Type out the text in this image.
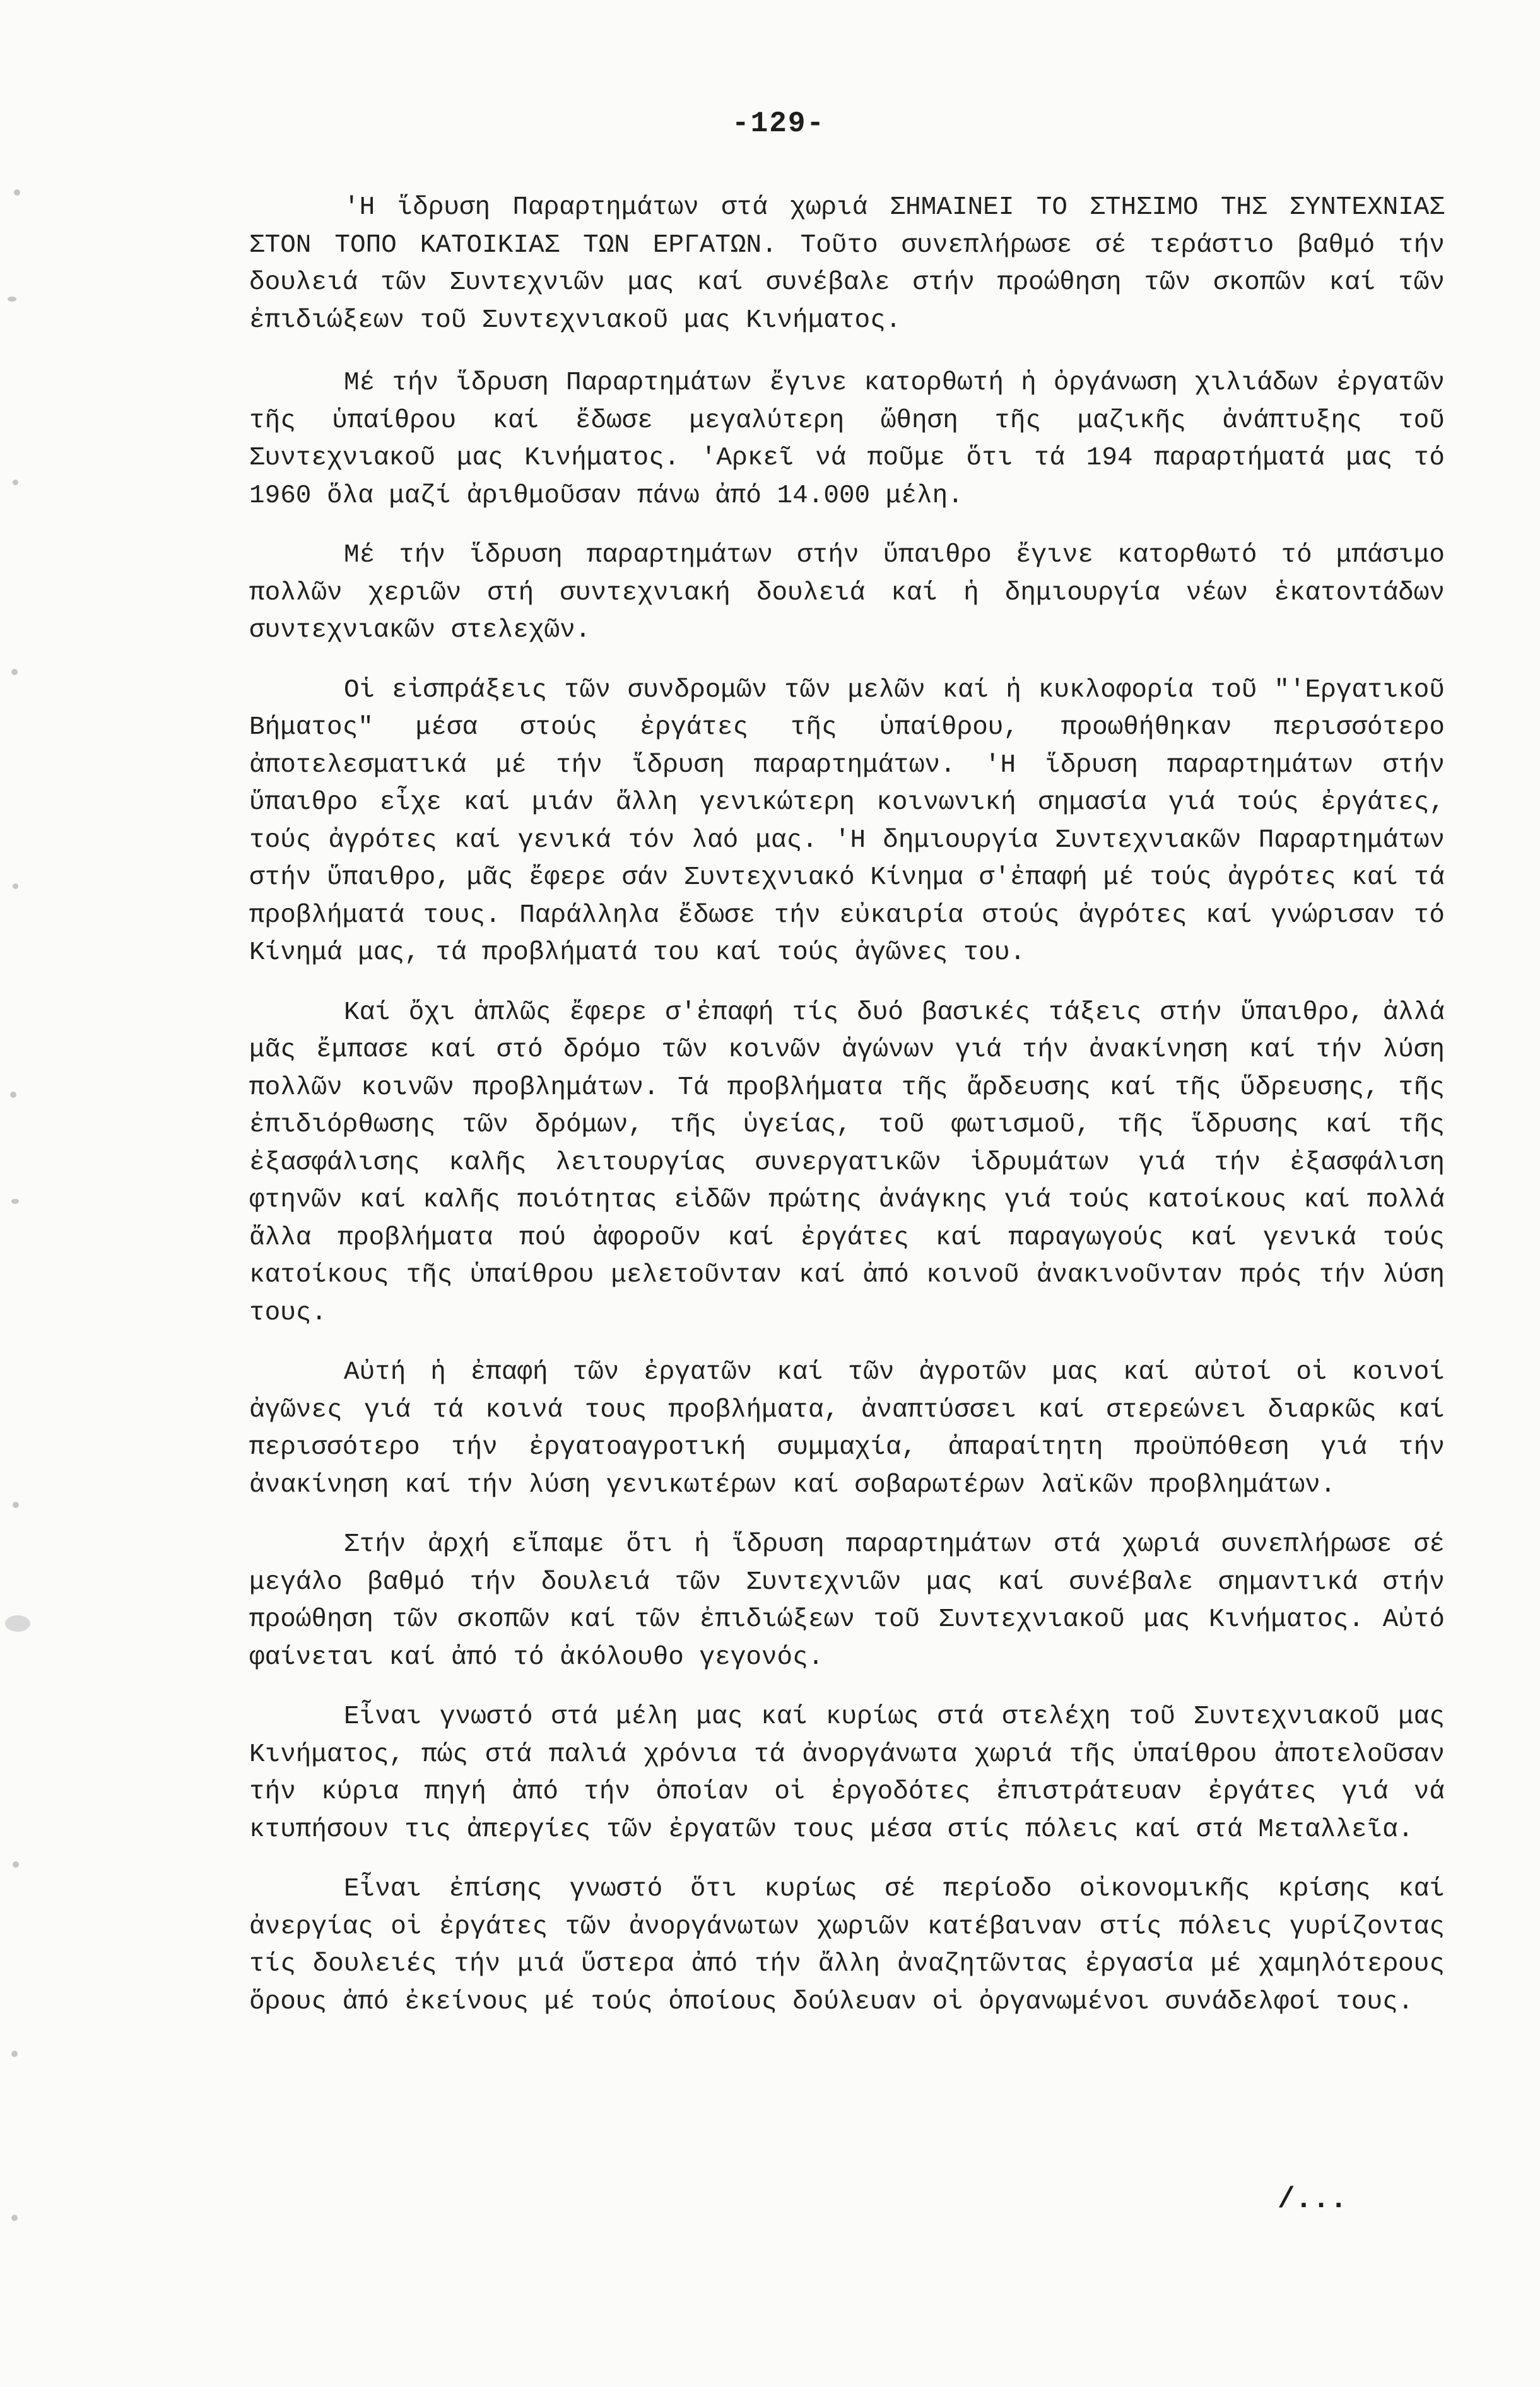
-129-

'Η ἵδρυση Παραρτημάτων στά χωριά ΣΗΜΑΙΝΕΙ ΤΟ ΣΤΗΣΙΜΟ ΤΗΣ ΣΥΝΤΕΧΝΙΑΣ ΣΤΟΝ ΤΟΠΟ ΚΑΤΟΙΚΙΑΣ ΤΩΝ ΕΡΓΑΤΩΝ. Τοῦτο συνεπλήρωσε σέ τεράστιο βαθμό τήν δουλειά τῶν Συντεχνιῶν μας καί συνέβαλε στήν προώθηση τῶν σκοπῶν καί τῶν ἐπιδιώξεων τοῦ Συντεχνιακοῦ μας Κινήματος.

Μέ τήν ἵδρυση Παραρτημάτων ἔγινε κατορθωτή ἡ ὀργάνωση χιλιάδων ἐργατῶν τῆς ὑπαίθρου καί ἔδωσε μεγαλύτερη ὤθηση τῆς μαζικῆς ἀνάπτυξης τοῦ Συντεχνιακοῦ μας Κινήματος. 'Αρκεῖ νά ποῦμε ὅτι τά 194 παραρτήματά μας τό 1960 ὅλα μαζί ἀριθμοῦσαν πάνω ἀπό 14.000 μέλη.

Μέ τήν ἵδρυση παραρτημάτων στήν ὕπαιθρο ἔγινε κατορθωτό τό μπάσιμο πολλῶν χεριῶν στή συντεχνιακή δουλειά καί ἡ δημιουργία νέων ἑκατοντάδων συντεχνιακῶν στελεχῶν.

Οἱ εἰσπράξεις τῶν συνδρομῶν τῶν μελῶν καί ἡ κυκλοφορία τοῦ "'Εργατικοῦ Βήματος" μέσα στούς ἐργάτες τῆς ὑπαίθρου, προωθήθηκαν περισσότερο ἀποτελεσματικά μέ τήν ἵδρυση παραρτημάτων. 'Η ἵδρυση παραρτημάτων στήν ὕπαιθρο εἶχε καί μιάν ἄλλη γενικώτερη κοινωνική σημασία γιά τούς ἐργάτες, τούς ἀγρότες καί γενικά τόν λαό μας. 'Η δημιουργία Συντεχνιακῶν Παραρτημάτων στήν ὕπαιθρο, μᾶς ἔφερε σάν Συντεχνιακό Κίνημα σ'ἐπαφή μέ τούς ἀγρότες καί τά προβλήματά τους. Παράλληλα ἔδωσε τήν εὐκαιρία στούς ἀγρότες καί γνώρισαν τό Κίνημά μας, τά προβλήματά του καί τούς ἀγῶνες του.

Καί ὄχι ἁπλῶς ἔφερε σ'ἐπαφή τίς δυό βασικές τάξεις στήν ὕπαιθρο, ἀλλά μᾶς ἔμπασε καί στό δρόμο τῶν κοινῶν ἀγώνων γιά τήν ἀνακίνηση καί τήν λύση πολλῶν κοινῶν προβλημάτων. Τά προβλήματα τῆς ἄρδευσης καί τῆς ὕδρευσης, τῆς ἐπιδιόρθωσης τῶν δρόμων, τῆς ὑγείας, τοῦ φωτισμοῦ, τῆς ἵδρυσης καί τῆς ἐξασφάλισης καλῆς λειτουργίας συνεργατικῶν ἱδρυμάτων γιά τήν ἐξασφάλιση φτηνῶν καί καλῆς ποιότητας εἰδῶν πρώτης ἀνάγκης γιά τούς κατοίκους καί πολλά ἄλλα προβλήματα πού ἀφοροῦν καί ἐργάτες καί παραγωγούς καί γενικά τούς κατοίκους τῆς ὑπαίθρου μελετοῦνταν καί ἀπό κοινοῦ ἀνακινοῦνταν πρός τήν λύση τους.

Αὐτή ἡ ἐπαφή τῶν ἐργατῶν καί τῶν ἀγροτῶν μας καί αὐτοί οἱ κοινοί ἀγῶνες γιά τά κοινά τους προβλήματα, ἀναπτύσσει καί στερεώνει διαρκῶς καί περισσότερο τήν ἐργατοαγροτική συμμαχία, ἀπαραίτητη προϋπόθεση γιά τήν ἀνακίνηση καί τήν λύση γενικωτέρων καί σοβαρωτέρων λαϊκῶν προβλημάτων.

Στήν ἀρχή εἴπαμε ὅτι ἡ ἵδρυση παραρτημάτων στά χωριά συνεπλήρωσε σέ μεγάλο βαθμό τήν δουλειά τῶν Συντεχνιῶν μας καί συνέβαλε σημαντικά στήν προώθηση τῶν σκοπῶν καί τῶν ἐπιδιώξεων τοῦ Συντεχνιακοῦ μας Κινήματος. Αὐτό φαίνεται καί ἀπό τό ἀκόλουθο γεγονός.

Εἶναι γνωστό στά μέλη μας καί κυρίως στά στελέχη τοῦ Συντεχνιακοῦ μας Κινήματος, πώς στά παλιά χρόνια τά ἀνοργάνωτα χωριά τῆς ὑπαίθρου ἀποτελοῦσαν τήν κύρια πηγή ἀπό τήν ὁποίαν οἱ ἐργοδότες ἐπιστράτευαν ἐργάτες γιά νά κτυπήσουν τις ἀπεργίες τῶν ἐργατῶν τους μέσα στίς πόλεις καί στά Μεταλλεῖα.

Εἶναι ἐπίσης γνωστό ὅτι κυρίως σέ περίοδο οἰκονομικῆς κρίσης καί ἀνεργίας οἱ ἐργάτες τῶν ἀνοργάνωτων χωριῶν κατέβαιναν στίς πόλεις γυρίζοντας τίς δουλειές τήν μιά ὕστερα ἀπό τήν ἄλλη ἀναζητῶντας ἐργασία μέ χαμηλότερους ὅρους ἀπό ἐκείνους μέ τούς ὁποίους δούλευαν οἱ ὀργανωμένοι συνάδελφοί τους.

/...
